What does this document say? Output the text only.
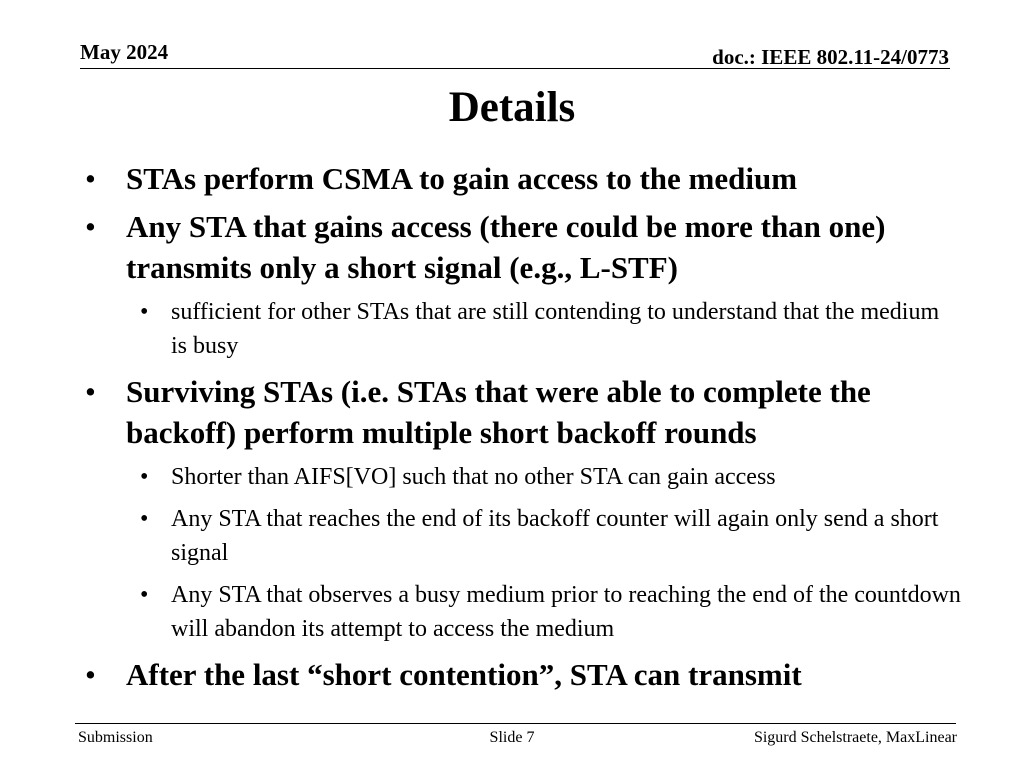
May 2024	doc.: IEEE 802.11-24/0773
Details
• STAs perform CSMA to gain access to the medium
• Any STA that gains access (there could be more than one) transmits only a short signal (e.g., L-STF)
• sufficient for other STAs that are still contending to understand that the medium is busy
• Surviving STAs (i.e. STAs that were able to complete the backoff) perform multiple short backoff rounds
• Shorter than AIFS[VO] such that no other STA can gain access
• Any STA that reaches the end of its backoff counter will again only send a short signal
• Any STA that observes a busy medium prior to reaching the end of the countdown will abandon its attempt to access the medium
• After the last “short contention”, STA can transmit
Submission	Slide 7	Sigurd Schelstraete, MaxLinear
